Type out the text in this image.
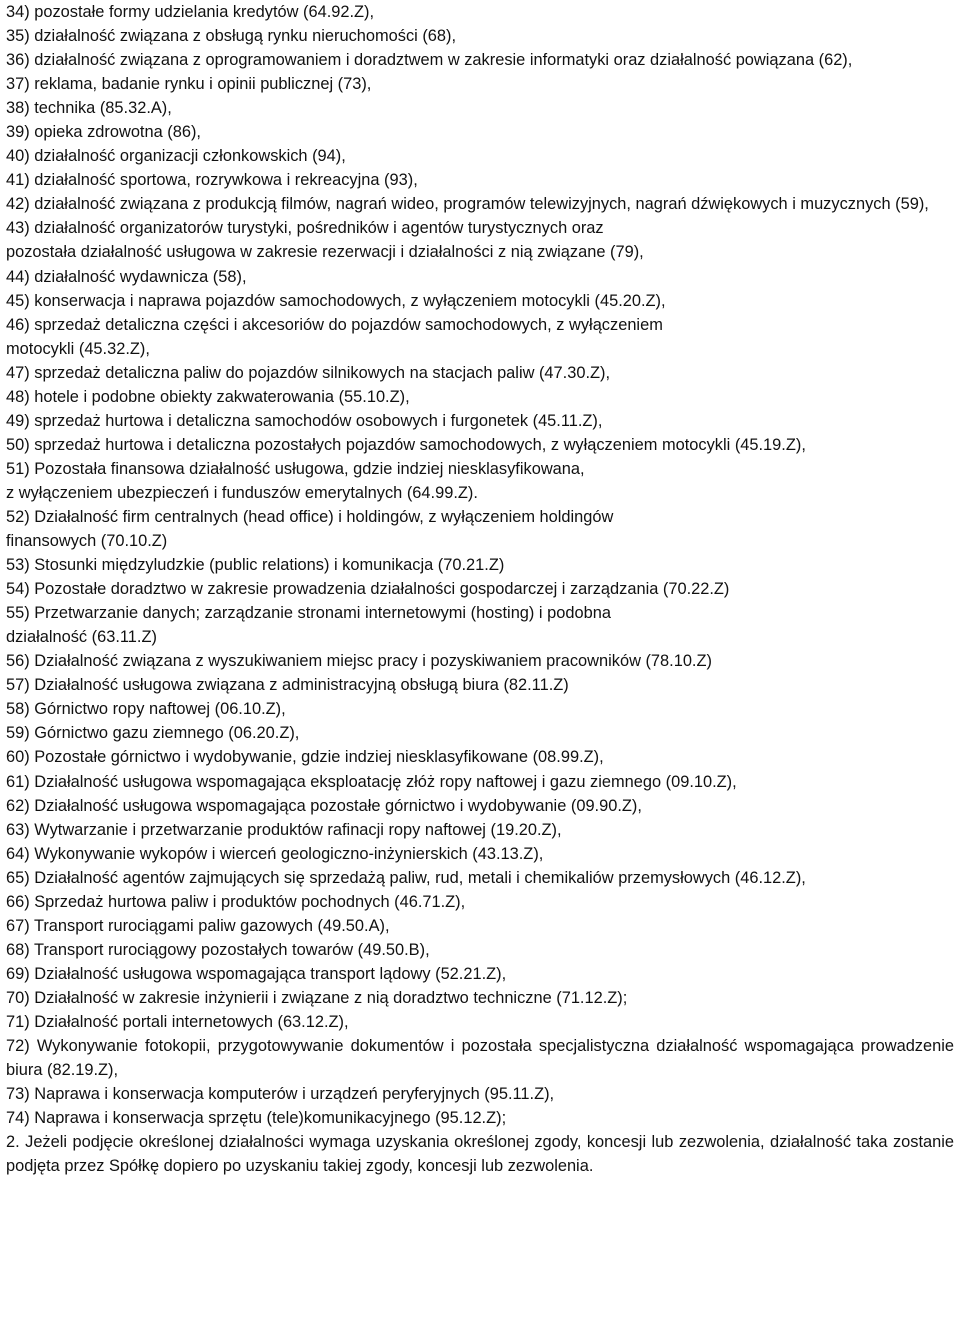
34) pozostałe formy udzielania kredytów (64.92.Z),

35) działalność związana z obsługą rynku nieruchomości (68),

36) działalność związana z oprogramowaniem i doradztwem w zakresie informatyki oraz działalność powiązana (62),

37) reklama, badanie rynku i opinii publicznej (73),

38) technika (85.32.A),

39) opieka zdrowotna (86),

40) działalność organizacji członkowskich (94),

41) działalność sportowa, rozrywkowa i rekreacyjna (93),

42) działalność związana z produkcją filmów, nagrań wideo, programów telewizyjnych, nagrań dźwiękowych i muzycznych (59),

43) działalność organizatorów turystyki, pośredników i agentów turystycznych oraz
pozostała działalność usługowa w zakresie rezerwacji i działalności z nią związane (79),

44) działalność wydawnicza (58),

45) konserwacja i naprawa pojazdów samochodowych, z wyłączeniem motocykli (45.20.Z),

46) sprzedaż detaliczna części i akcesoriów do pojazdów samochodowych, z wyłączeniem
motocykli (45.32.Z),

47) sprzedaż detaliczna paliw do pojazdów silnikowych na stacjach paliw (47.30.Z),

48) hotele i podobne obiekty zakwaterowania (55.10.Z),

49) sprzedaż hurtowa i detaliczna samochodów osobowych i furgonetek (45.11.Z),

50) sprzedaż hurtowa i detaliczna pozostałych pojazdów samochodowych, z wyłączeniem motocykli (45.19.Z),

51) Pozostała finansowa działalność usługowa, gdzie indziej niesklasyfikowana,
z wyłączeniem ubezpieczeń i funduszów emerytalnych (64.99.Z).

52) Działalność firm centralnych (head office) i holdingów, z wyłączeniem holdingów
finansowych (70.10.Z)

53) Stosunki międzyludzkie (public relations) i komunikacja (70.21.Z)

54) Pozostałe doradztwo w zakresie prowadzenia działalności gospodarczej i zarządzania (70.22.Z)

55) Przetwarzanie danych; zarządzanie stronami internetowymi (hosting) i podobna
działalność (63.11.Z)

56) Działalność związana z wyszukiwaniem miejsc pracy i pozyskiwaniem pracowników (78.10.Z)

57) Działalność usługowa związana z administracyjną obsługą biura (82.11.Z)

58) Górnictwo ropy naftowej (06.10.Z),

59) Górnictwo gazu ziemnego (06.20.Z),

60) Pozostałe górnictwo i wydobywanie, gdzie indziej niesklasyfikowane (08.99.Z),

61) Działalność usługowa wspomagająca eksploatację złóż ropy naftowej i gazu ziemnego (09.10.Z),

62) Działalność usługowa wspomagająca pozostałe górnictwo i wydobywanie (09.90.Z),

63) Wytwarzanie i przetwarzanie produktów rafinacji ropy naftowej (19.20.Z),

64) Wykonywanie wykopów i wierceń geologiczno-inżynierskich (43.13.Z),

65) Działalność agentów zajmujących się sprzedażą paliw, rud, metali i chemikaliów przemysłowych (46.12.Z),

66) Sprzedaż hurtowa paliw i produktów pochodnych (46.71.Z),

67) Transport rurociągami paliw gazowych (49.50.A),

68) Transport rurociągowy pozostałych towarów (49.50.B),

69) Działalność usługowa wspomagająca transport lądowy (52.21.Z),

70) Działalność w zakresie inżynierii i związane z nią doradztwo techniczne (71.12.Z);

71) Działalność portali internetowych (63.12.Z),

72) Wykonywanie fotokopii, przygotowywanie dokumentów i pozostała specjalistyczna działalność wspomagająca prowadzenie biura (82.19.Z),

73) Naprawa i konserwacja komputerów i urządzeń peryferyjnych (95.11.Z),

74) Naprawa i konserwacja sprzętu (tele)komunikacyjnego (95.12.Z);

2. Jeżeli podjęcie określonej działalności wymaga uzyskania określonej zgody, koncesji lub zezwolenia, działalność taka zostanie podjęta przez Spółkę dopiero po uzyskaniu takiej zgody, koncesji lub zezwolenia.
